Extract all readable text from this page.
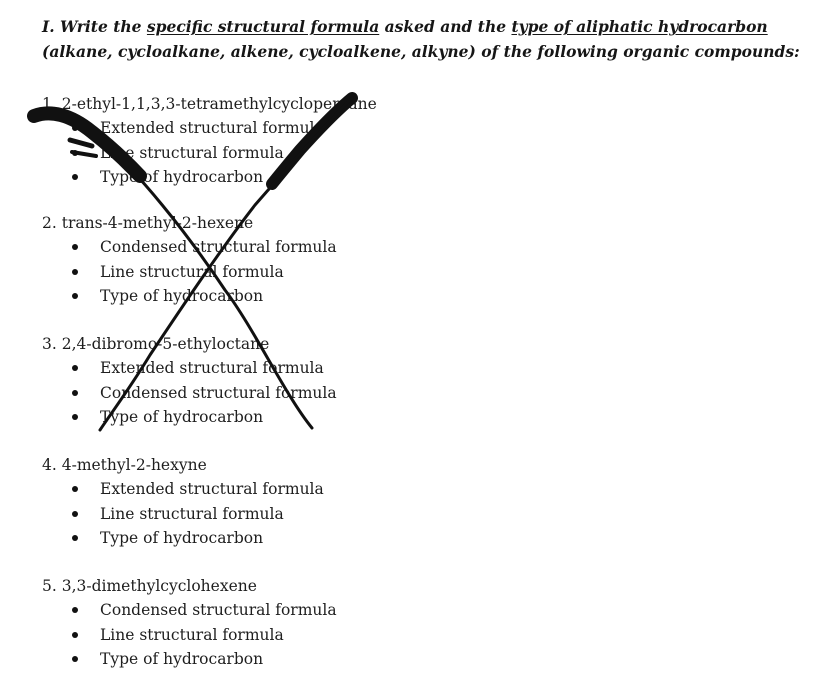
I. Write the specific structural formula asked and the type of aliphatic hydrocarbon (alkane, cycloalkane, alkene, cycloalkene, alkyne) of the following organic compounds:
1. 2-ethyl-1,1,3,3-tetramethylcyclopentane
Extended structural formula
Line structural formula
Type of hydrocarbon
2. trans-4-methyl-2-hexene
Condensed structural formula
Line structural formula
Type of hydrocarbon
3. 2,4-dibromo-5-ethyloctane
Extended structural formula
Condensed structural formula
Type of hydrocarbon
4. 4-methyl-2-hexyne
Extended structural formula
Line structural formula
Type of hydrocarbon
5. 3,3-dimethylcyclohexene
Condensed structural formula
Line structural formula
Type of hydrocarbon
